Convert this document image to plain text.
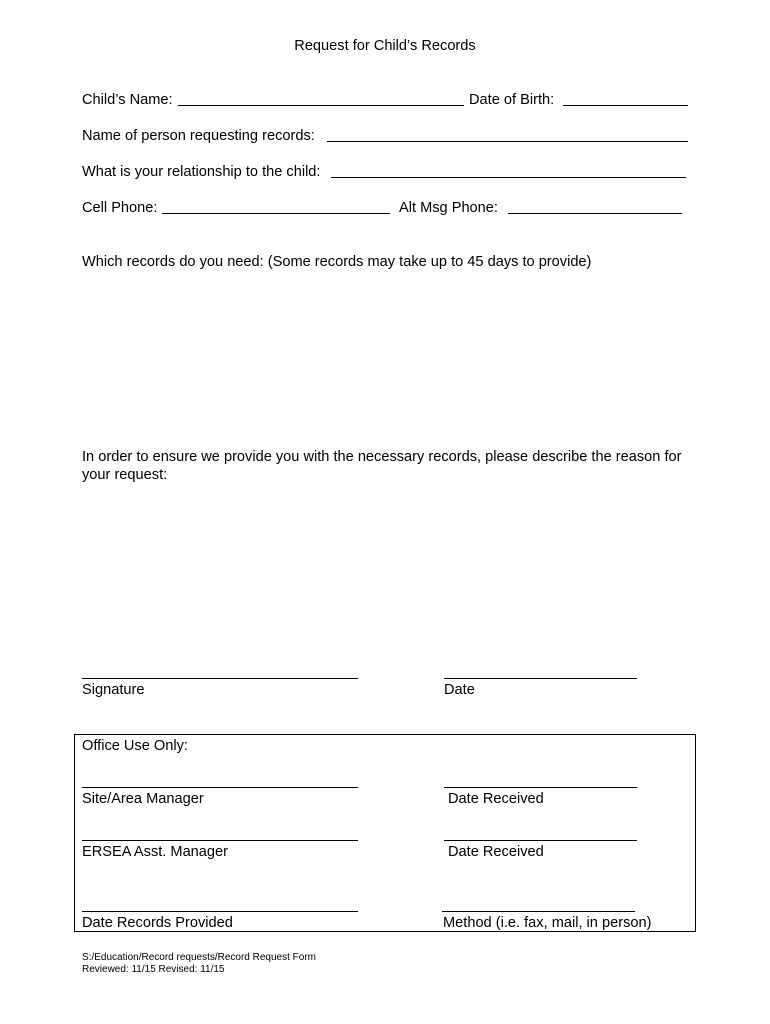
Request for Child’s Records
Child’s Name:	Date of Birth:
Name of person requesting records:
What is your relationship to the child:
Cell Phone:	Alt Msg Phone:
Which records do you need: (Some records may take up to 45 days to provide)
In order to ensure we provide you with the necessary records, please describe the reason for your request:
Signature	Date
Office Use Only:
Site/Area Manager	Date Received
ERSEA Asst. Manager	Date Received
Date Records Provided	Method (i.e. fax, mail, in person)
S:/Education/Record requests/Record Request Form
Reviewed: 11/15 Revised: 11/15
